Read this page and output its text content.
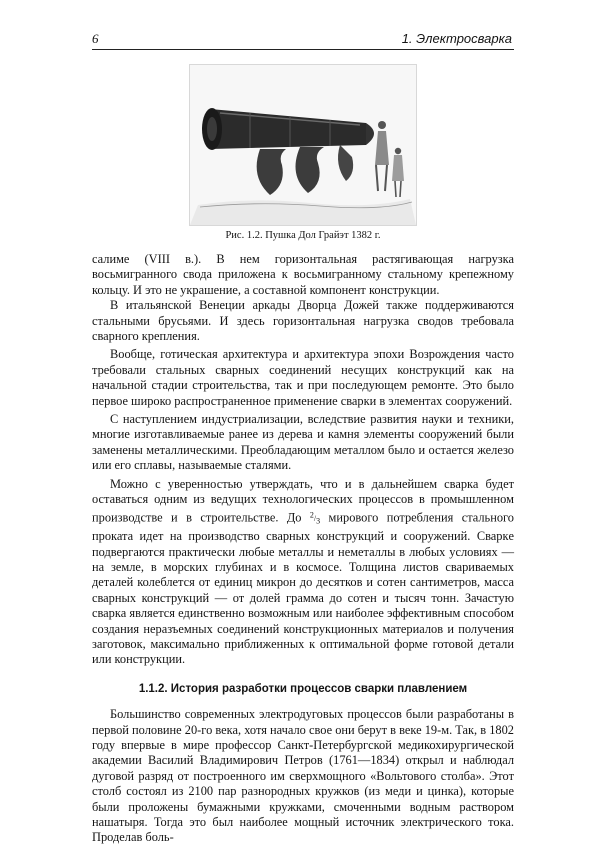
6	1. Электросварка
Рис. 1.2. Пушка Дол Грайэт 1382 г.

салиме (VIII в.). В нем горизонтальная растягивающая нагрузка восьмигранного свода приложена к восьмигранному стальному крепежному кольцу. И это не украшение, а составной компонент конструкции.

В итальянской Венеции аркады Дворца Дожей также поддерживаются стальными брусьями. И здесь горизонтальная нагрузка сводов требовала сварного крепления.

Вообще, готическая архитектура и архитектура эпохи Возрождения часто требовали стальных сварных соединений несущих конструкций как на начальной стадии строительства, так и при последующем ремонте. Это было первое широко распространенное применение сварки в элементах сооружений.

С наступлением индустриализации, вследствие развития науки и техники, многие изготавливаемые ранее из дерева и камня элементы сооружений были заменены металлическими. Преобладающим металлом было и остается железо или его сплавы, называемые сталями.

Можно с уверенностью утверждать, что и в дальнейшем сварка будет оставаться одним из ведущих технологических процессов в промышленном производстве и в строительстве. До $^2/_3$ мирового потребления стального проката идет на производство сварных конструкций и сооружений. Сваркe подвергаются практически любые металлы и неметаллы в любых условиях — на земле, в морских глубинах и в космосе. Толщина листов свариваемых деталей колеблется от единиц микрон до десятков и сотен сантиметров, масса сварных конструкций — от долей грамма до сотен и тысяч тонн. Зачастую сварка является единственно возможным или наиболее эффективным способом создания неразъемных соединений конструкционных материалов и получения заготовок, максимально приближенных к оптимальной форме готовой детали или конструкции.

1.1.2. История разработки процессов сварки плавлением

Большинство современных электродуговых процессов были разработаны в первой половине 20-го века, хотя начало свое они берут в веке 19-м. Так, в 1802 году впервые в мире профессор Санкт-Петербургской медикохирургической академии Василий Владимирович Петров (1761—1834) открыл и наблюдал дуговой разряд от построенного им сверхмощного «Вольтового столба». Этот столб состоял из 2100 пар разнородных кружков (из меди и цинка), которые были проложены бумажными кружками, смоченными водным раствором нашатыря. Тогда это был наиболее мощный источник электрического тока. Проделав боль-
